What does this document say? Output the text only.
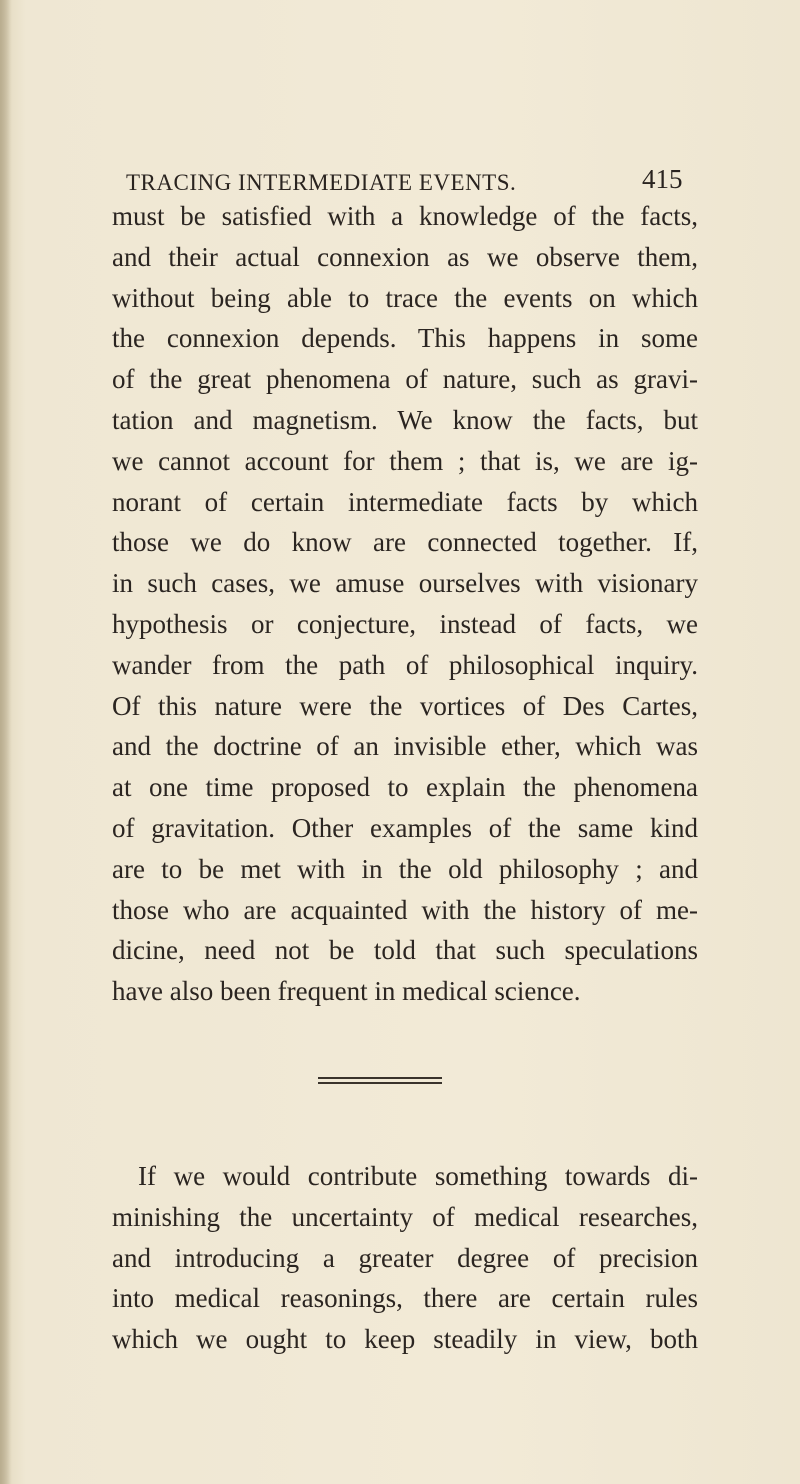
TRACING INTERMEDIATE EVENTS.	415
must be satisfied with a knowledge of the facts,
and their actual connexion as we observe them,
without being able to trace the events on which
the connexion depends. This happens in some
of the great phenomena of nature, such as gravi-
tation and magnetism. We know the facts, but
we cannot account for them ; that is, we are ig-
norant of certain intermediate facts by which
those we do know are connected together. If,
in such cases, we amuse ourselves with visionary
hypothesis or conjecture, instead of facts, we
wander from the path of philosophical inquiry.
Of this nature were the vortices of Des Cartes,
and the doctrine of an invisible ether, which was
at one time proposed to explain the phenomena
of gravitation. Other examples of the same kind
are to be met with in the old philosophy ; and
those who are acquainted with the history of me-
dicine, need not be told that such speculations
have also been frequent in medical science.
If we would contribute something towards di-
minishing the uncertainty of medical researches,
and introducing a greater degree of precision
into medical reasonings, there are certain rules
which we ought to keep steadily in view, both
